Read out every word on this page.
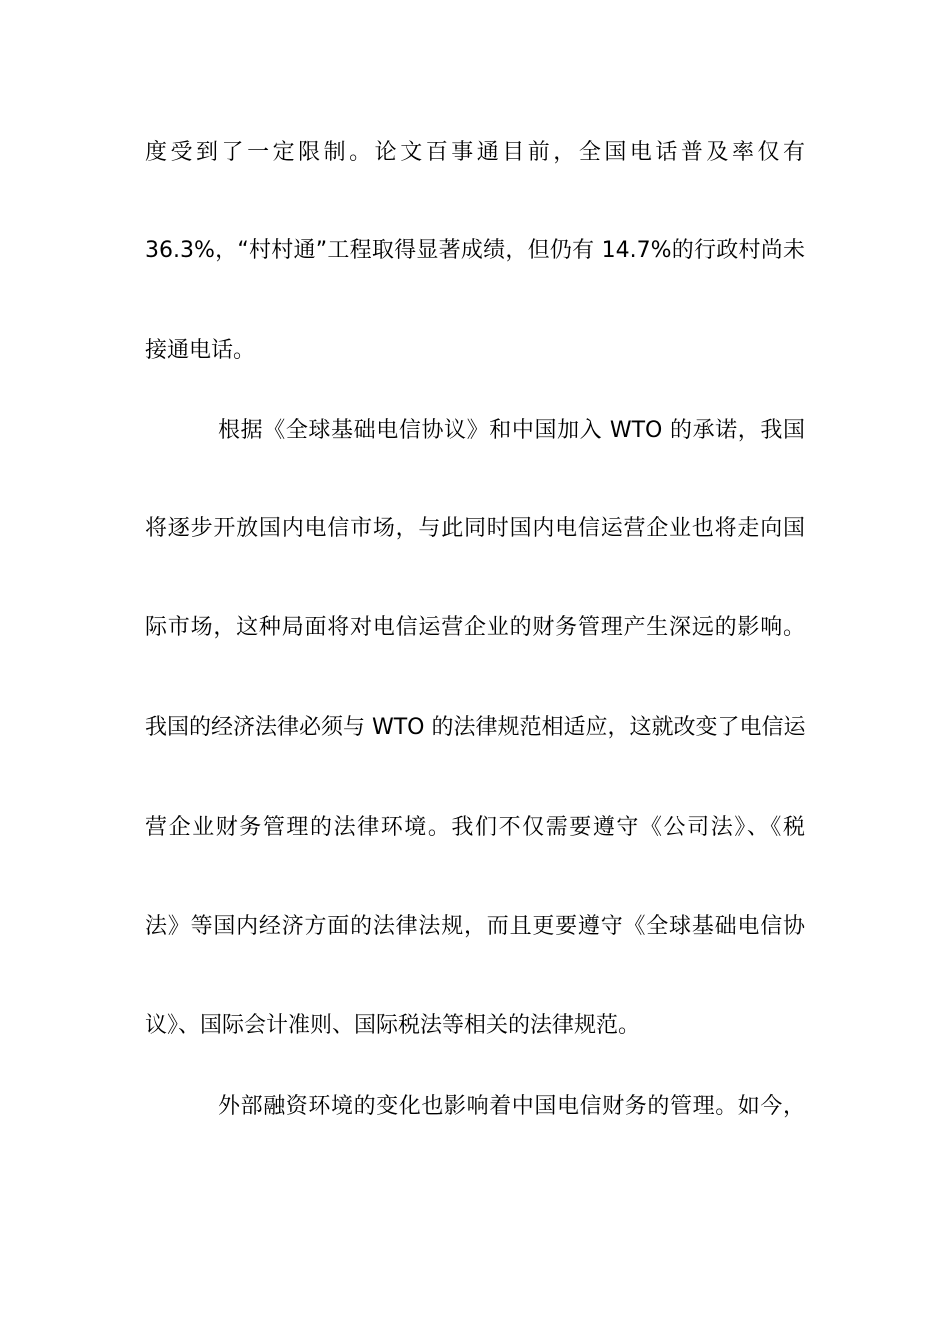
度受到了一定限制。论文百事通目前，全国电话普及率仅有
36.3%，“村村通”工程取得显著成绩，但仍有 14.7%的行政村尚未
接通电话。
根据《全球基础电信协议》和中国加入 WTO 的承诺，我国
将逐步开放国内电信市场，与此同时国内电信运营企业也将走向国
际市场，这种局面将对电信运营企业的财务管理产生深远的影响。
我国的经济法律必须与 WTO 的法律规范相适应，这就改变了电信运
营企业财务管理的法律环境。我们不仅需要遵守《公司法》、《税
法》等国内经济方面的法律法规，而且更要遵守《全球基础电信协
议》、国际会计准则、国际税法等相关的法律规范。
外部融资环境的变化也影响着中国电信财务的管理。如今，
